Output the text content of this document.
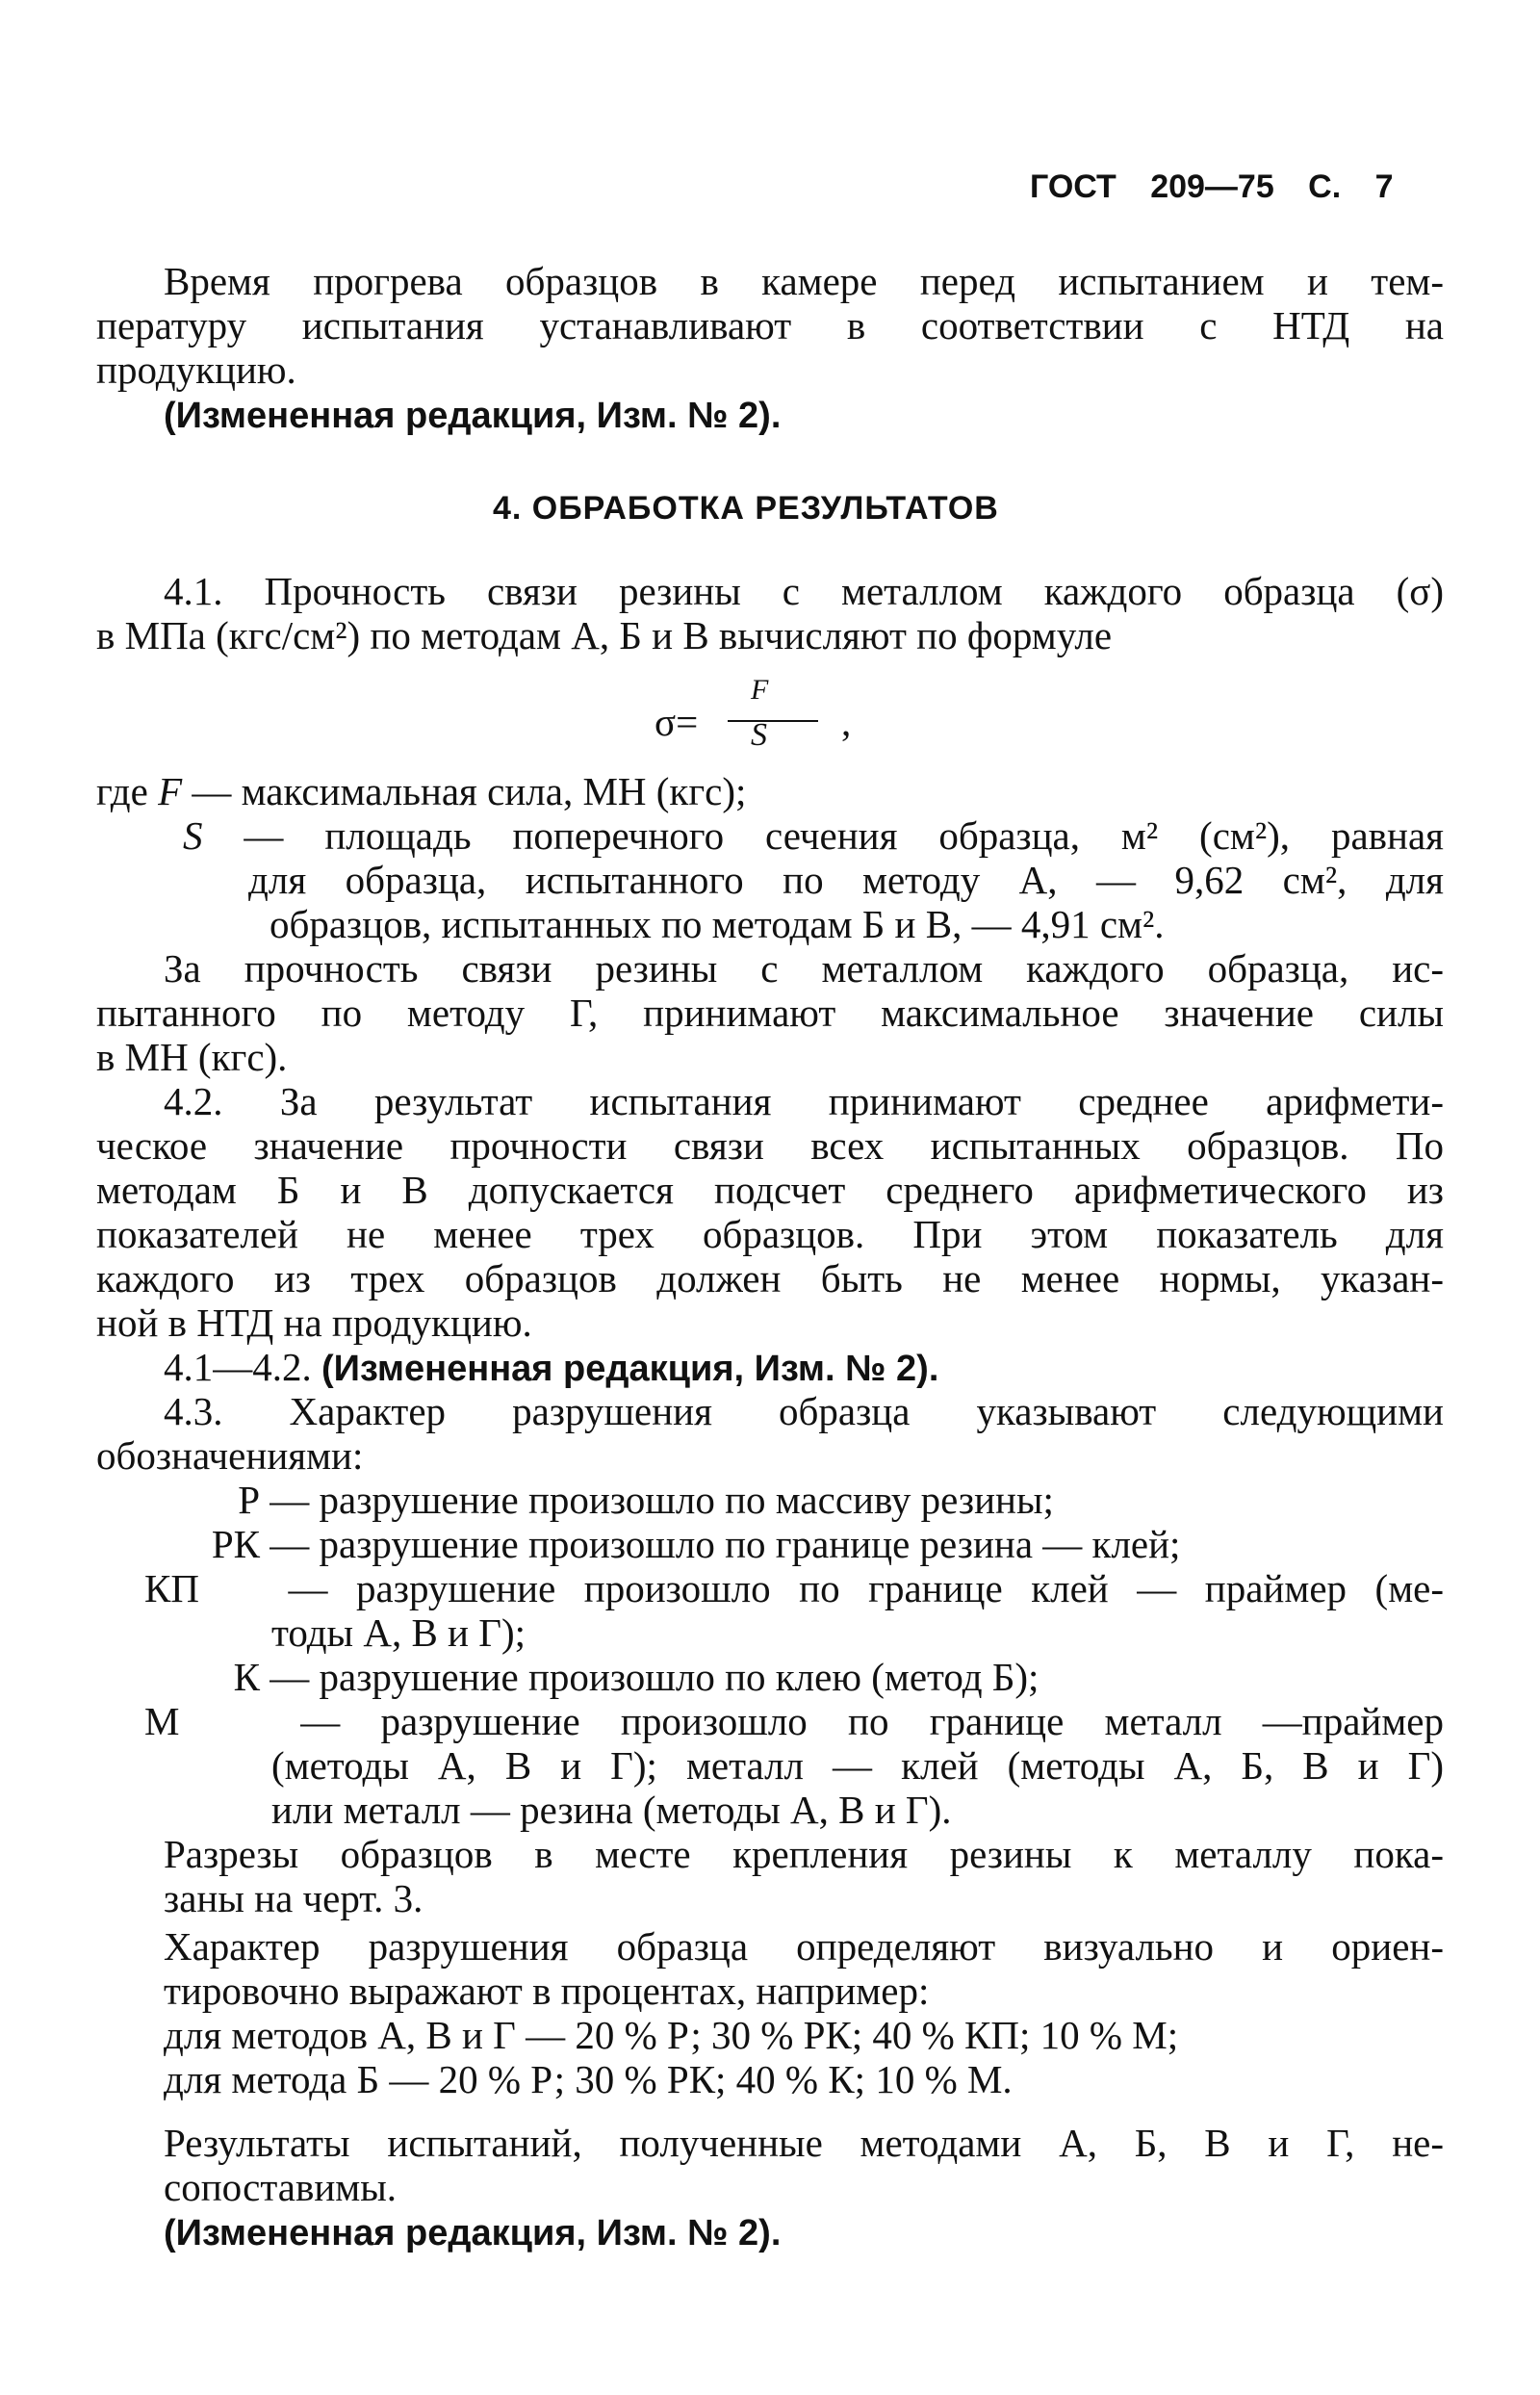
ГОСТ 209—75 С. 7
Время прогрева образцов в камере перед испытанием и тем-
пературу испытания устанавливают в соответствии с НТД на
продукцию.
(Измененная редакция, Изм. № 2).
4. ОБРАБОТКА РЕЗУЛЬТАТОВ
4.1. Прочность связи резины с металлом каждого образца (σ)
в МПа (кгс/см²) по методам А, Б и В вычисляют по формуле
σ=
F
S ,
где F — максимальная сила, МН (кгс);
S — площадь поперечного сечения образца, м² (см²), равная
для образца, испытанного по методу А, — 9,62 см², для
образцов, испытанных по методам Б и В, — 4,91 см².
За прочность связи резины с металлом каждого образца, ис-
пытанного по методу Г, принимают максимальное значение силы
в МН (кгс).
4.2. За результат испытания принимают среднее арифмети-
ческое значение прочности связи всех испытанных образцов. По
методам Б и В допускается подсчет среднего арифметического из
показателей не менее трех образцов. При этом показатель для
каждого из трех образцов должен быть не менее нормы, указан-
ной в НТД на продукцию.
4.1—4.2. (Измененная редакция, Изм. № 2).
4.3. Характер разрушения образца указывают следующими
обозначениями:
Р — разрушение произошло по массиву резины;
РК — разрушение произошло по границе резина — клей;
КП — разрушение произошло по границе клей — праймер (ме-
тоды А, В и Г);
К — разрушение произошло по клею (метод Б);
М	— разрушение произошло по границе металл —праймер
(методы А, В и Г); металл — клей (методы А, Б, В и Г)
или металл — резина (методы А, В и Г).
Разрезы образцов в месте крепления резины к металлу пока-
заны на черт. 3.
Характер разрушения образца определяют визуально и ориен-
тировочно выражают в процентах, например:
для методов А, В и Г — 20 % Р; 30 % РК; 40 % КП; 10 % М;
для метода Б — 20 % Р; 30 % РК; 40 % К; 10 % М.
Результаты испытаний, полученные методами А, Б, В и Г, не-
сопоставимы.
(Измененная редакция, Изм. № 2).
